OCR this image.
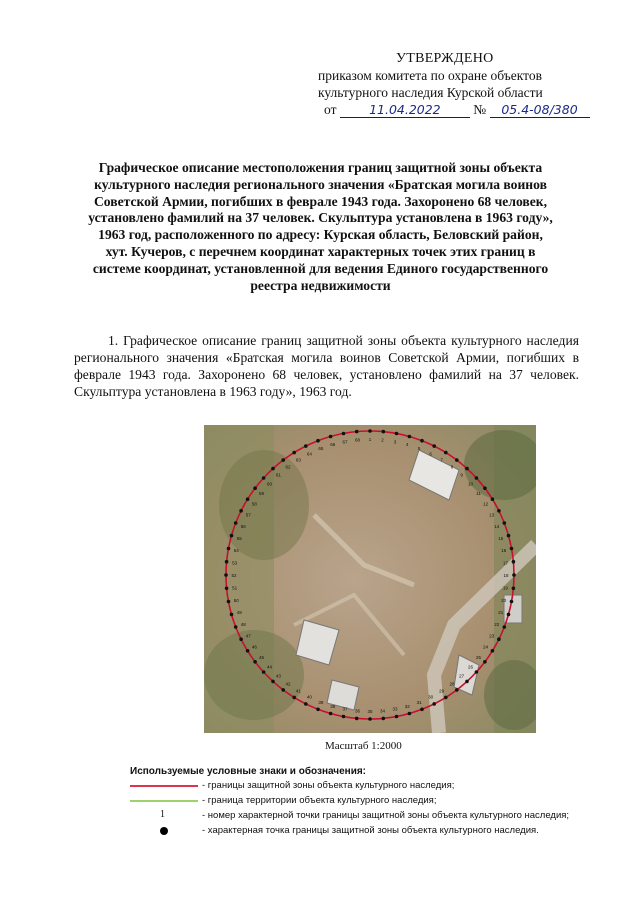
УТВЕРЖДЕНО
приказом комитета по охране объектов
культурного наследия Курской области
от	11.04.2022 № 05.4-08/380
Графическое описание местоположения границ защитной зоны объекта культурного наследия регионального значения «Братская могила воинов Советской Армии, погибших в феврале 1943 года. Захоронено 68 человек, установлено фамилий на 37 человек. Скульптура установлена в 1963 году», 1963 год, расположенного по адресу: Курская область, Беловский район, хут. Кучеров, с перечнем координат характерных точек этих границ в системе координат, установленной для ведения Единого государственного реестра недвижимости
1. Графическое описание границ защитной зоны объекта культурного наследия регионального значения «Братская могила воинов Советской Армии, погибших в феврале 1943 года. Захоронено 68 человек, установлено фамилий на 37 человек. Скульптура установлена в 1963 году», 1963 год.
1 2 3
4
5
6
7
8
9
10
11
12
13
14
15
16
17
18
19
20
21
22
23
24
25
26
27
28
29
30
31
32
33
34
35
36
37
38
39
40
41
42
43
44
45
46
47
48
49
50
51
52
53
54
55
56
57
58
59
60
61
62
63
64
65
66
67 68
Масштаб 1:2000
Используемые условные знаки и обозначения:
- границы защитной зоны объекта культурного наследия;
- граница территории объекта культурного наследия;
1	- номер характерной точки границы защитной зоны объекта культурного наследия;
- характерная точка границы защитной зоны объекта культурного наследия.
